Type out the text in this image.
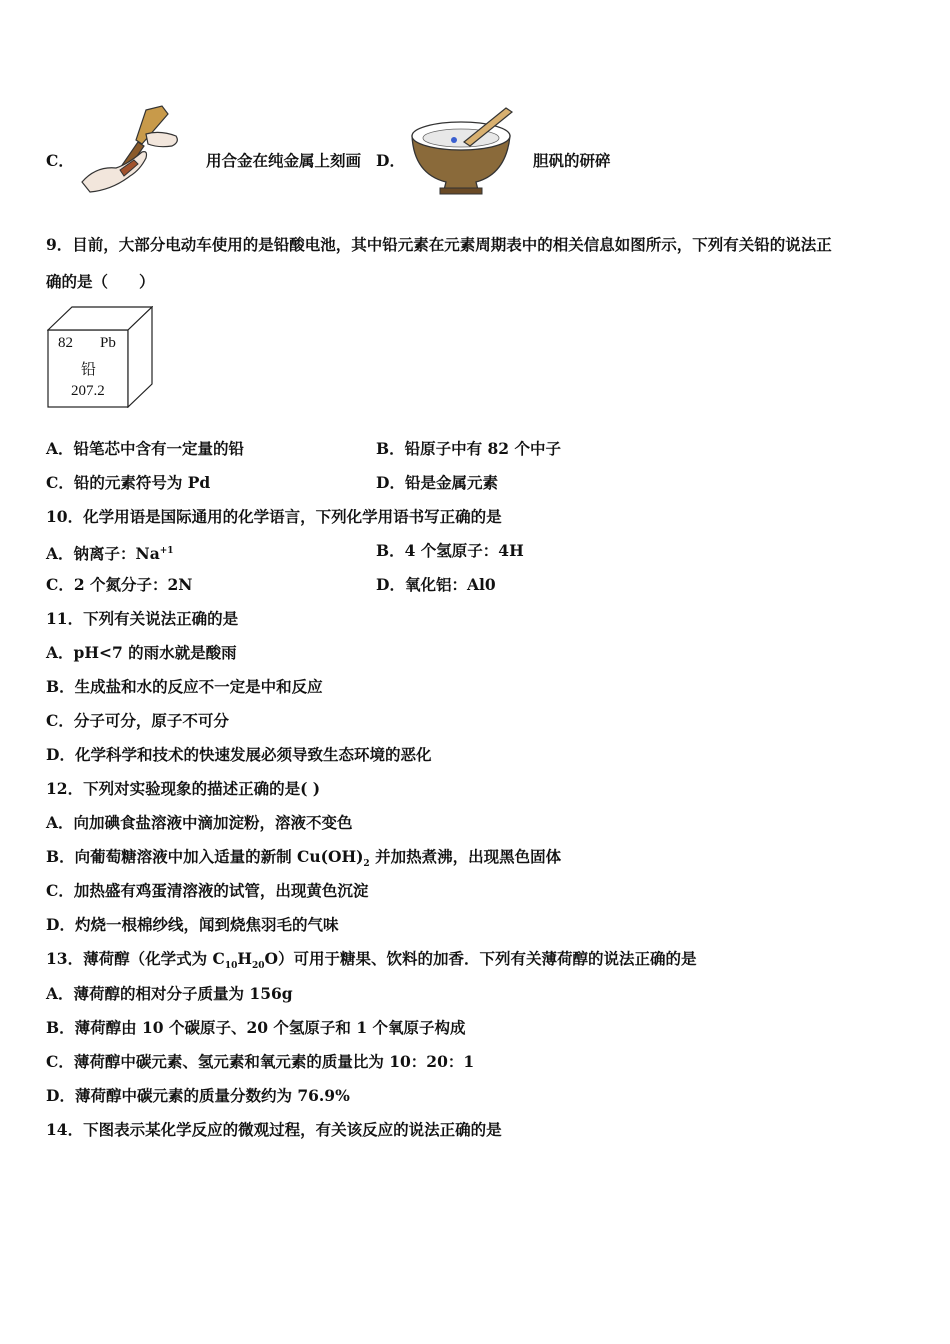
C．	用合金在纯金属上刻画 D．	胆矾的研碎
9．目前，大部分电动车使用的是铅酸电池，其中铅元素在元素周期表中的相关信息如图所示，下列有关铅的说法正
确的是（　　）
82 Pb
铅
207.2
A．铅笔芯中含有一定量的铅	B．铅原子中有 82 个中子
C．铅的元素符号为 Pd	D．铅是金属元素
10．化学用语是国际通用的化学语言，下列化学用语书写正确的是
A．钠离子：$Na^{+1}$	B．4 个氢原子：4H
C．2 个氮分子：2N	D．氧化铝：Al0
11．下列有关说法正确的是
A．pH<7 的雨水就是酸雨
B．生成盐和水的反应不一定是中和反应
C．分子可分，原子不可分
D．化学科学和技术的快速发展必须导致生态环境的恶化
12．下列对实验现象的描述正确的是( )
A．向加碘食盐溶液中滴加淀粉，溶液不变色
B．向葡萄糖溶液中加入适量的新制 $Cu(OH)_2$ 并加热煮沸，出现黑色固体
C．加热盛有鸡蛋清溶液的试管，出现黄色沉淀
D．灼烧一根棉纱线，闻到烧焦羽毛的气味
13．薄荷醇（化学式为 $C_{10}H_{20}O$）可用于糖果、饮料的加香．下列有关薄荷醇的说法正确的是
A．薄荷醇的相对分子质量为 156g
B．薄荷醇由 10 个碳原子、20 个氢原子和 1 个氧原子构成
C．薄荷醇中碳元素、氢元素和氧元素的质量比为 10：20：1
D．薄荷醇中碳元素的质量分数约为 76.9%
14．下图表示某化学反应的微观过程，有关该反应的说法正确的是
